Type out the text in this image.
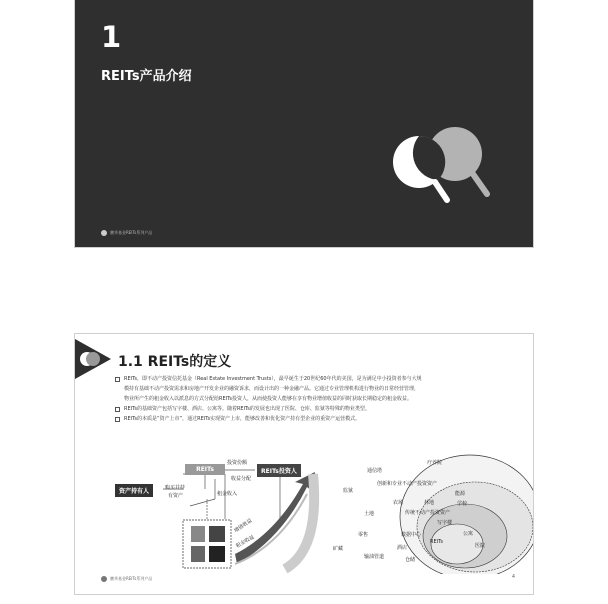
1
REITs产品介绍
鹏华基金REITs系列产品
1.1 REITs的定义
REITs，即不动产投资信托基金（Real Estate Investment Trusts），最早诞生于20世纪60年代的美国，是为满足中小投资者参与大规
模持有基础不动产投资需求和房地产开发企业的融资诉求，而设计出的一种金融产品。它通过专业管理机构进行物业的日常经营管理，
物业所产生的租金收入以派息的方式分配给REITs投资人，从而使投资人能够在享有物业增值收益的同时获取长期稳定的租金收益。
REITs的基础资产包括写字楼、酒店、公寓等。随着REITs的发展也出现了医院、仓库、监狱等特殊的物业类型。
REITs的本质是“资产上市”，通过REITs实现资产上市，能够改善和优化资产持有型企业的重资产运营模式。
资产持有人
REITs	REITs投资人
投资份额
收益分配
购买并持
有资产	租金收入
增值收益
租金收益
疗养院
通信塔
监狱	能源
创新和专业不动产投资资产
农场	林地	学校
土地	传统不动产投资资产
写字楼
公寓
数据中心
矿藏
零售
酒店	医院
REITs
输油管道	仓储
鹏华基金REITs系列产品	4
